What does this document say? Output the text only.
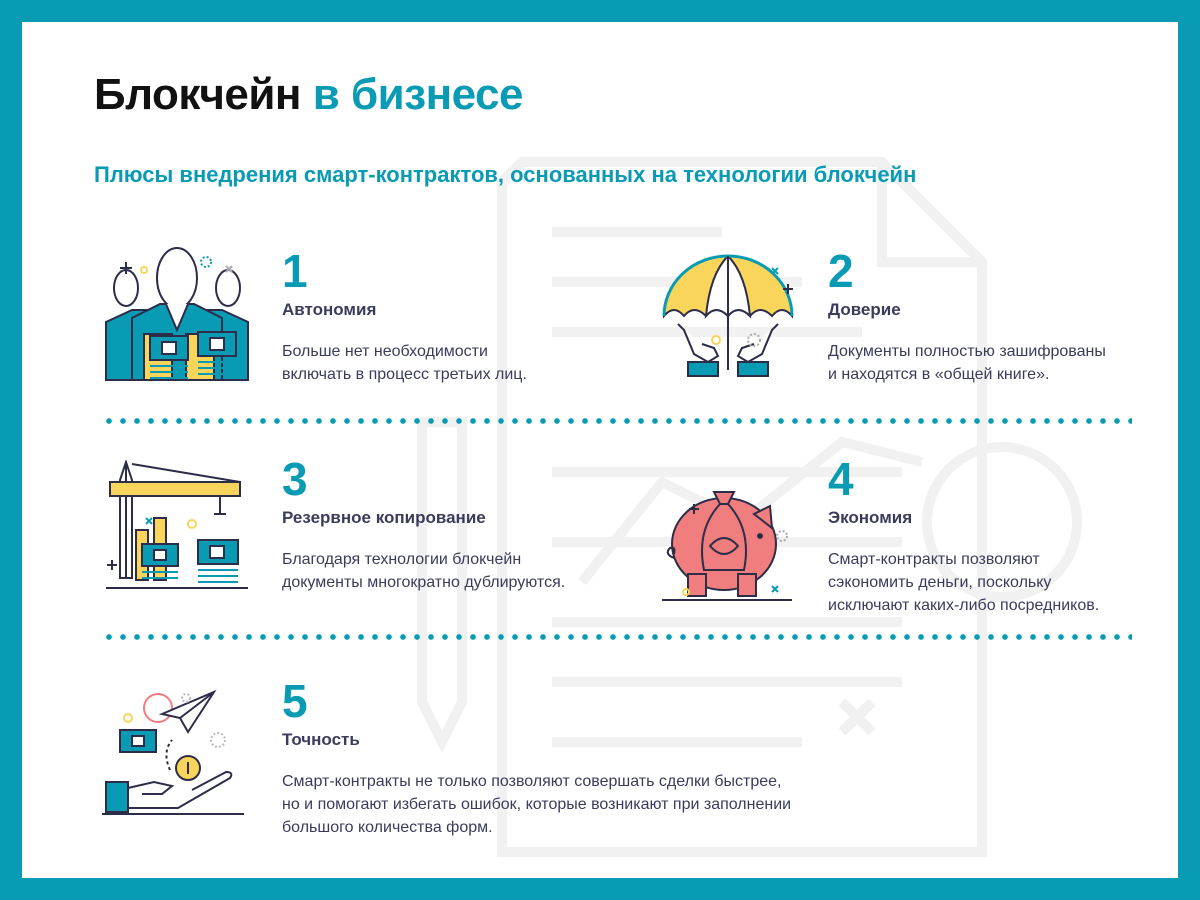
Блокчейн в бизнесе
Плюсы внедрения смарт-контрактов, основанных на технологии блокчейн
1
Автономия
Больше нет необходимости
включать в процесс третьих лиц.
2
Доверие
Документы полностью зашифрованы
и находятся в «общей книге».
3
Резервное копирование
Благодаря технологии блокчейн
документы многократно дублируются.
4
Экономия
Смарт-контракты позволяют
сэкономить деньги, поскольку
исключают каких-либо посредников.
5
Точность
Смарт-контракты не только позволяют совершать сделки быстрее,
но и помогают избегать ошибок, которые возникают при заполнении
большого количества форм.
